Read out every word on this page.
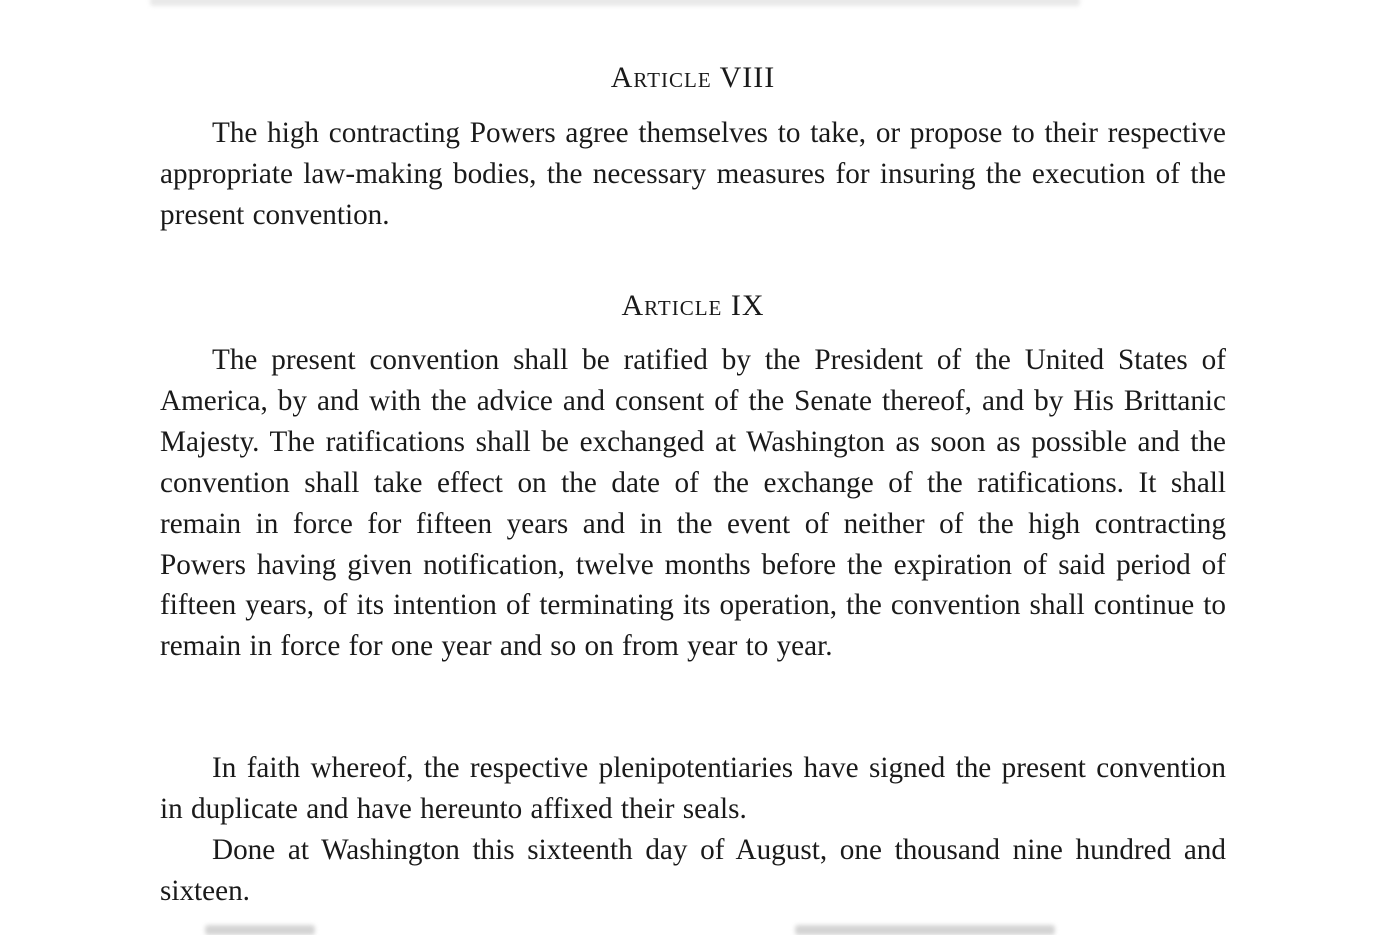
Article VIII

The high contracting Powers agree themselves to take, or propose to their respective appropriate law-making bodies, the necessary measures for insuring the execution of the present convention.

Article IX

The present convention shall be ratified by the President of the United States of America, by and with the advice and consent of the Senate thereof, and by His Brittanic Majesty. The ratifications shall be exchanged at Washington as soon as possible and the convention shall take effect on the date of the exchange of the ratifications. It shall remain in force for fifteen years and in the event of neither of the high contracting Powers having given notification, twelve months before the expiration of said period of fifteen years, of its intention of terminating its operation, the convention shall continue to remain in force for one year and so on from year to year.

In faith whereof, the respective plenipotentiaries have signed the present convention in duplicate and have hereunto affixed their seals.

Done at Washington this sixteenth day of August, one thousand nine hundred and sixteen.
